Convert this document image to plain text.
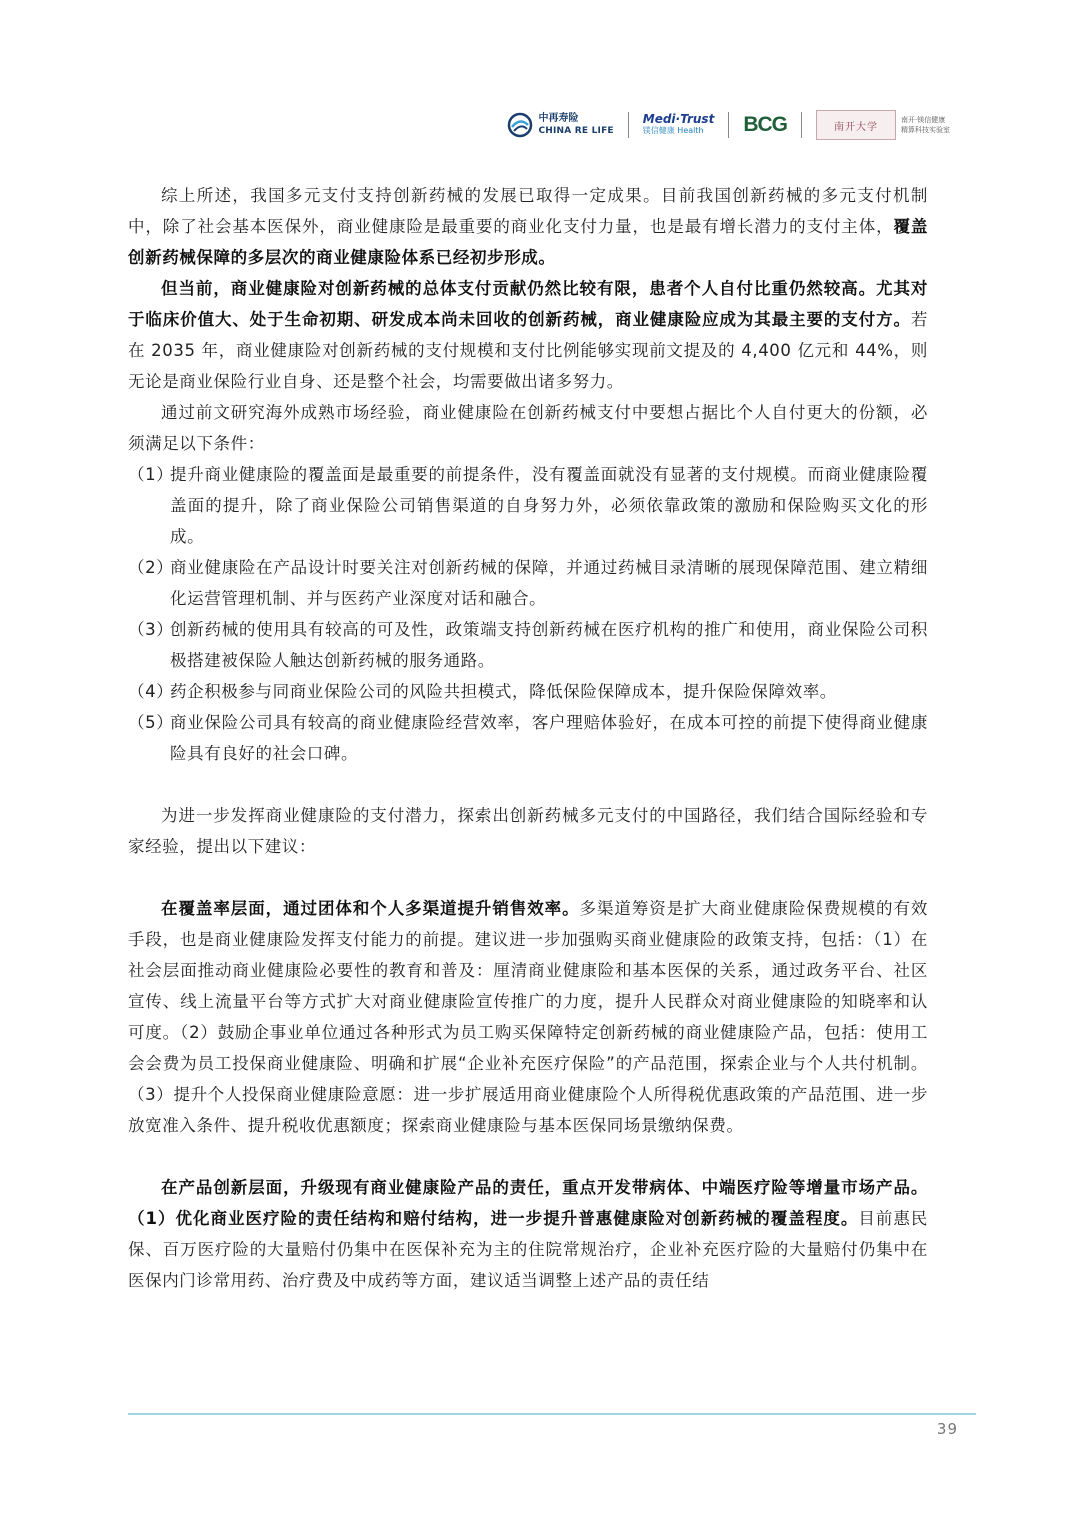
中再寿险
CHINA RE LIFE
Medi·Trust
镁信健康 Health	BCG	南开大学
南开·镁信健康
精算科技实验室

综上所述，我国多元支付支持创新药械的发展已取得一定成果。目前我国创新药械的多元支付机制中，除了社会基本医保外，商业健康险是最重要的商业化支付力量，也是最有增长潜力的支付主体，覆盖创新药械保障的多层次的商业健康险体系已经初步形成。

但当前，商业健康险对创新药械的总体支付贡献仍然比较有限，患者个人自付比重仍然较高。尤其对于临床价值大、处于生命初期、研发成本尚未回收的创新药械，商业健康险应成为其最主要的支付方。若在 2035 年，商业健康险对创新药械的支付规模和支付比例能够实现前文提及的 4,400 亿元和 44%，则无论是商业保险行业自身、还是整个社会，均需要做出诸多努力。

通过前文研究海外成熟市场经验，商业健康险在创新药械支付中要想占据比个人自付更大的份额，必须满足以下条件：

（1）
提升商业健康险的覆盖面是最重要的前提条件，没有覆盖面就没有显著的支付规模。而商业健康险覆盖面的提升，除了商业保险公司销售渠道的自身努力外，必须依靠政策的激励和保险购买文化的形成。
（2）
商业健康险在产品设计时要关注对创新药械的保障，并通过药械目录清晰的展现保障范围、建立精细化运营管理机制、并与医药产业深度对话和融合。
（3）
创新药械的使用具有较高的可及性，政策端支持创新药械在医疗机构的推广和使用，商业保险公司积极搭建被保险人触达创新药械的服务通路。
（4）
药企积极参与同商业保险公司的风险共担模式，降低保险保障成本，提升保险保障效率。
（5）
商业保险公司具有较高的商业健康险经营效率，客户理赔体验好，在成本可控的前提下使得商业健康险具有良好的社会口碑。

为进一步发挥商业健康险的支付潜力，探索出创新药械多元支付的中国路径，我们结合国际经验和专家经验，提出以下建议：

在覆盖率层面，通过团体和个人多渠道提升销售效率。多渠道筹资是扩大商业健康险保费规模的有效手段，也是商业健康险发挥支付能力的前提。建议进一步加强购买商业健康险的政策支持，包括：（1）在社会层面推动商业健康险必要性的教育和普及：厘清商业健康险和基本医保的关系，通过政务平台、社区宣传、线上流量平台等方式扩大对商业健康险宣传推广的力度，提升人民群众对商业健康险的知晓率和认可度。（2）鼓励企事业单位通过各种形式为员工购买保障特定创新药械的商业健康险产品，包括：使用工会会费为员工投保商业健康险、明确和扩展“企业补充医疗保险”的产品范围，探索企业与个人共付机制。（3）提升个人投保商业健康险意愿：进一步扩展适用商业健康险个人所得税优惠政策的产品范围、进一步放宽准入条件、提升税收优惠额度；探索商业健康险与基本医保同场景缴纳保费。

在产品创新层面，升级现有商业健康险产品的责任，重点开发带病体、中端医疗险等增量市场产品。（1）优化商业医疗险的责任结构和赔付结构，进一步提升普惠健康险对创新药械的覆盖程度。目前惠民保、百万医疗险的大量赔付仍集中在医保补充为主的住院常规治疗，企业补充医疗险的大量赔付仍集中在医保内门诊常用药、治疗费及中成药等方面，建议适当调整上述产品的责任结

39
